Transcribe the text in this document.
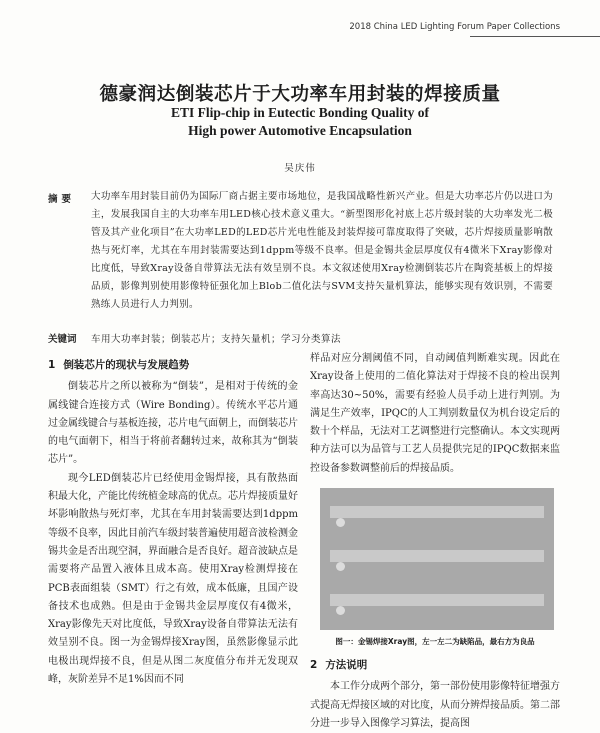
2018 China LED Lighting Forum Paper Collections
德豪润达倒装芯片于大功率车用封装的焊接质量
ETI Flip-chip in Eutectic Bonding Quality of
High power Automotive Encapsulation
吴庆伟
摘要 大功率车用封装目前仍为国际厂商占据主要市场地位，是我国战略性新兴产业。但是大功率芯片仍以进口为主，发展我国自主的大功率车用LED核心技术意义重大。“新型图形化衬底上芯片级封装的大功率发光二极管及其产业化项目”在大功率LED的LED芯片光电性能及封装焊接可靠度取得了突破，芯片焊接质量影响散热与死灯率，尤其在车用封装需要达到1dppm等级不良率。但是金锡共金层厚度仅有4微米下Xray影像对比度低，导致Xray设备自带算法无法有效呈别不良。本文叙述使用Xray检测倒装芯片在陶瓷基板上的焊接品质，影像判别使用影像特征强化加上Blob二值化法与SVM支持矢量机算法，能够实现有效识别，不需要熟练人员进行人力判别。
关键词 车用大功率封装；倒装芯片；支持矢量机；学习分类算法
1 倒装芯片的现状与发展趋势

倒装芯片之所以被称为“倒装”，是相对于传统的金属线键合连接方式（Wire Bonding）。传统水平芯片通过金属线键合与基板连接，芯片电气面朝上，而倒装芯片的电气面朝下，相当于将前者翻转过来，故称其为“倒装芯片”。

现今LED倒装芯片已经使用金锡焊接，具有散热面积最大化，产能比传统植金球高的优点。芯片焊接质量好坏影响散热与死灯率，尤其在车用封装需要达到1dppm等级不良率，因此目前汽车级封装普遍使用超音波检测金锡共金是否出现空洞，界面融合是否良好。超音波缺点是需要将产品置入液体且成本高。使用Xray检测焊接在PCB表面组装（SMT）行之有效，成本低廉，且国产设备技术也成熟。但是由于金锡共金层厚度仅有4微米，Xray影像先天对比度低，导致Xray设备自带算法无法有效呈别不良。图一为金锡焊接Xray图，虽然影像显示此电极出现焊接不良，但是从图二灰度值分布并无发现双峰，灰阶差异不足1%因而不同

样品对应分割阈值不同，自动阈值判断难实现。因此在Xray设备上使用的二值化算法对于焊接不良的检出误判率高达30~50%，需要有经验人员手动上进行判别。为满足生产效率，IPQC的人工判别数量仅为机台设定后的数十个样品，无法对工艺调整进行完整确认。本文实现两种方法可以为品管与工艺人员提供完足的IPQC数据来监控设备参数调整前后的焊接品质。

图一：金锡焊接Xray图，左一左二为缺陷品，最右方为良品
2 方法说明

本工作分成两个部分，第一部份使用影像特征增强方式提高无焊接区域的对比度，从而分辨焊接品质。第二部分进一步导入图像学习算法，提高图
